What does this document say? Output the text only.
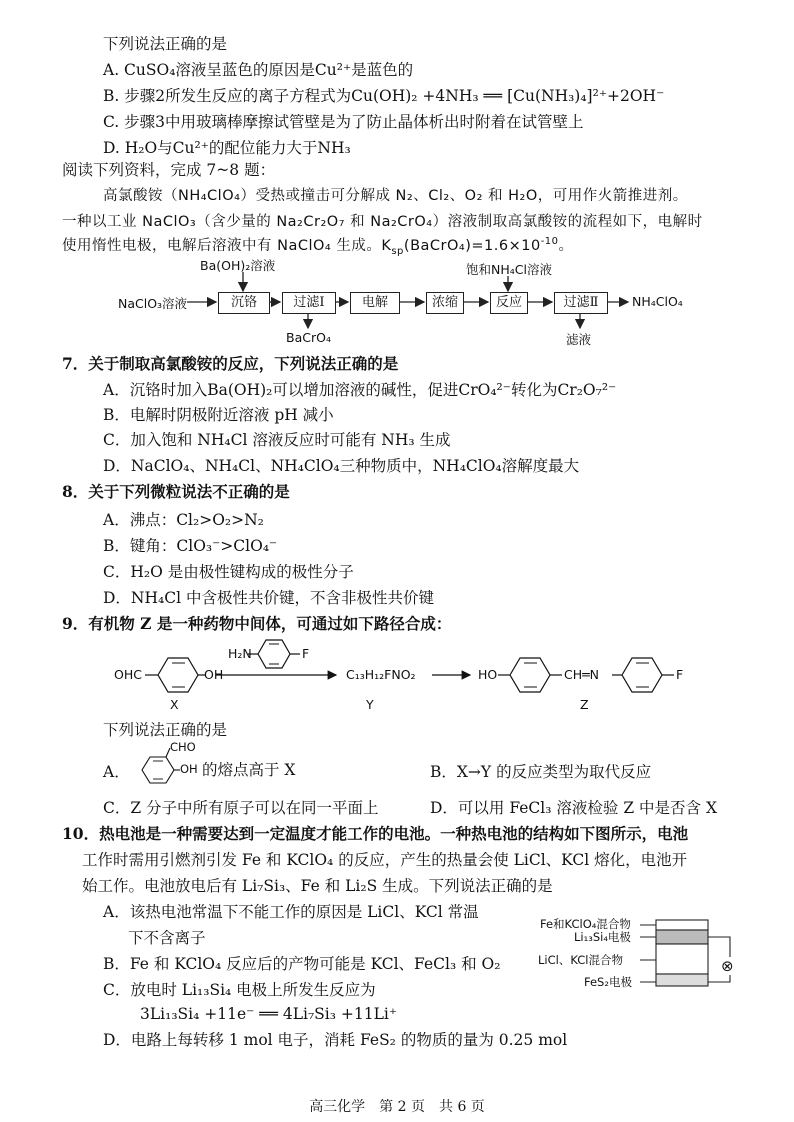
下列说法正确的是
A. CuSO₄溶液呈蓝色的原因是Cu²⁺是蓝色的
B. 步骤2所发生反应的离子方程式为Cu(OH)₂ +4NH₃ ══ [Cu(NH₃)₄]²⁺+2OH⁻
C. 步骤3中用玻璃棒摩擦试管壁是为了防止晶体析出时附着在试管壁上
D. H₂O与Cu²⁺的配位能力大于NH₃
阅读下列资料，完成 7~8 题：
高氯酸铵（NH₄ClO₄）受热或撞击可分解成 N₂、Cl₂、O₂ 和 H₂O，可用作火箭推进剂。
一种以工业 NaClO₃（含少量的 Na₂Cr₂O₇ 和 Na₂CrO₄）溶液制取高氯酸铵的流程如下，电解时
使用惰性电极，电解后溶液中有 NaClO₄ 生成。$K_{sp}(BaCrO_4)=1.6\times 10^{-10}$。
NaClO₃溶液	沉铬	过滤Ⅰ	电解	浓缩	反应	过滤Ⅱ	NH₄ClO₄
Ba(OH)₂溶液	饱和NH₄Cl溶液
BaCrO₄	滤液
7．关于制取高氯酸铵的反应，下列说法正确的是
A．沉铬时加入Ba(OH)₂可以增加溶液的碱性，促进CrO₄²⁻转化为Cr₂O₇²⁻
B．电解时阴极附近溶液 pH 减小
C．加入饱和 NH₄Cl 溶液反应时可能有 NH₃ 生成
D．NaClO₄、NH₄Cl、NH₄ClO₄三种物质中，NH₄ClO₄溶解度最大
8．关于下列微粒说法不正确的是
A．沸点：Cl₂>O₂>N₂
B．键角：ClO₃⁻>ClO₄⁻
C．H₂O 是由极性键构成的极性分子
D．NH₄Cl 中含极性共价键，不含非极性共价键
9．有机物 Z 是一种药物中间体，可通过如下路径合成：
OHC	OH
H₂N	F
C₁₃H₁₂FNO₂	HO	CH═N	F
X	Y	Z
下列说法正确的是
A．
CHO
OH 的熔点高于 X	B．X→Y 的反应类型为取代反应
C．Z 分子中所有原子可以在同一平面上	D．可以用 FeCl₃ 溶液检验 Z 中是否含 X
10．热电池是一种需要达到一定温度才能工作的电池。一种热电池的结构如下图所示，电池
工作时需用引燃剂引发 Fe 和 KClO₄ 的反应，产生的热量会使 LiCl、KCl 熔化，电池开
始工作。电池放电后有 Li₇Si₃、Fe 和 Li₂S 生成。下列说法正确的是
A．该热电池常温下不能工作的原因是 LiCl、KCl 常温
下不含离子
B．Fe 和 KClO₄ 反应后的产物可能是 KCl、FeCl₃ 和 O₂
C．放电时 Li₁₃Si₄ 电极上所发生反应为
3Li₁₃Si₄ +11e⁻ ══ 4Li₇Si₃ +11Li⁺
D．电路上每转移 1 mol 电子，消耗 FeS₂ 的物质的量为 0.25 mol
⊗
Fe和KClO₄混合物
Li₁₃Si₄电极
LiCl、KCl混合物
FeS₂电极
高三化学　第 2 页　共 6 页
